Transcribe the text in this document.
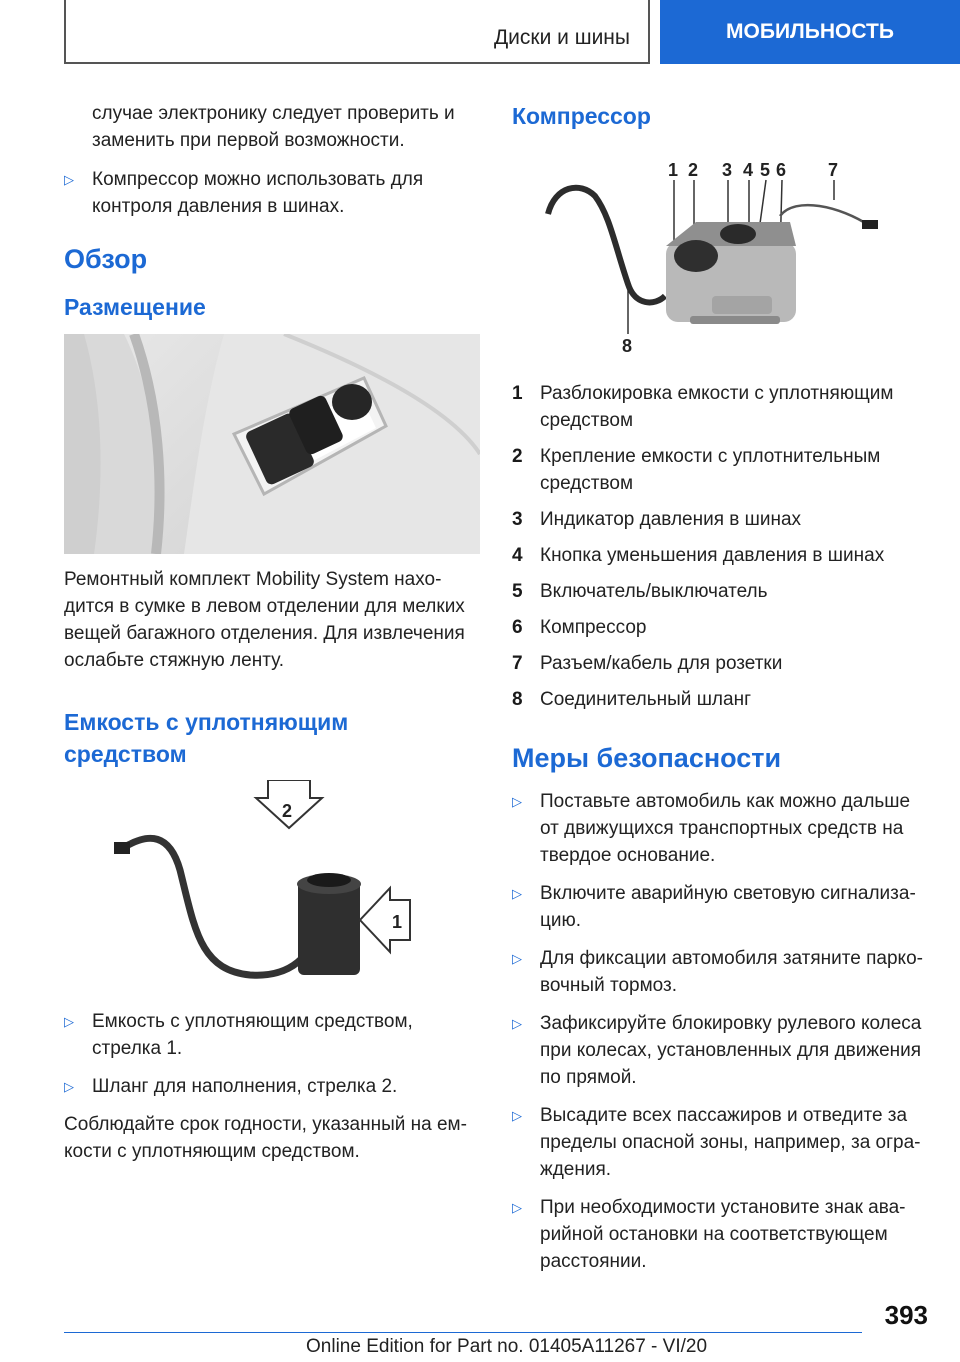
Диски и шины	МОБИЛЬНОСТЬ

случае электронику следует проверить и заменить при первой возможности.

▷ Компрессор можно использовать для контроля давления в шинах.
Обзор
Размещение

Ремонтный комплект Mobility System нахо-дится в сумке в левом отделении для мелких вещей багажного отделения. Для извлечения ослабьте стяжную ленту.

Емкость с уплотняющим средством
2
1
▷ Емкость с уплотняющим средством, стрелка 1.
▷ Шланг для наполнения, стрелка 2.

Соблюдайте срок годности, указанный на ем-кости с уплотняющим средством.

Компрессор
1 2 3 4 5 6 7
8
1 Разблокировка емкости с уплотняющим средством
2 Крепление емкости с уплотнительным средством
3 Индикатор давления в шинах
4 Кнопка уменьшения давления в шинах
5 Включатель/выключатель
6 Компрессор
7 Разъем/кабель для розетки
8 Соединительный шланг
Меры безопасности
▷ Поставьте автомобиль как можно дальше от движущихся транспортных средств на твердое основание.
▷ Включите аварийную световую сигнализа-цию.
▷ Для фиксации автомобиля затяните парко-вочный тормоз.
▷ Зафиксируйте блокировку рулевого колеса при колесах, установленных для движения по прямой.
▷ Высадите всех пассажиров и отведите за пределы опасной зоны, например, за огра-ждения.
▷ При необходимости установите знак ава-рийной остановки на соответствующем расстоянии.
393
Online Edition for Part no. 01405A11267 - VI/20
